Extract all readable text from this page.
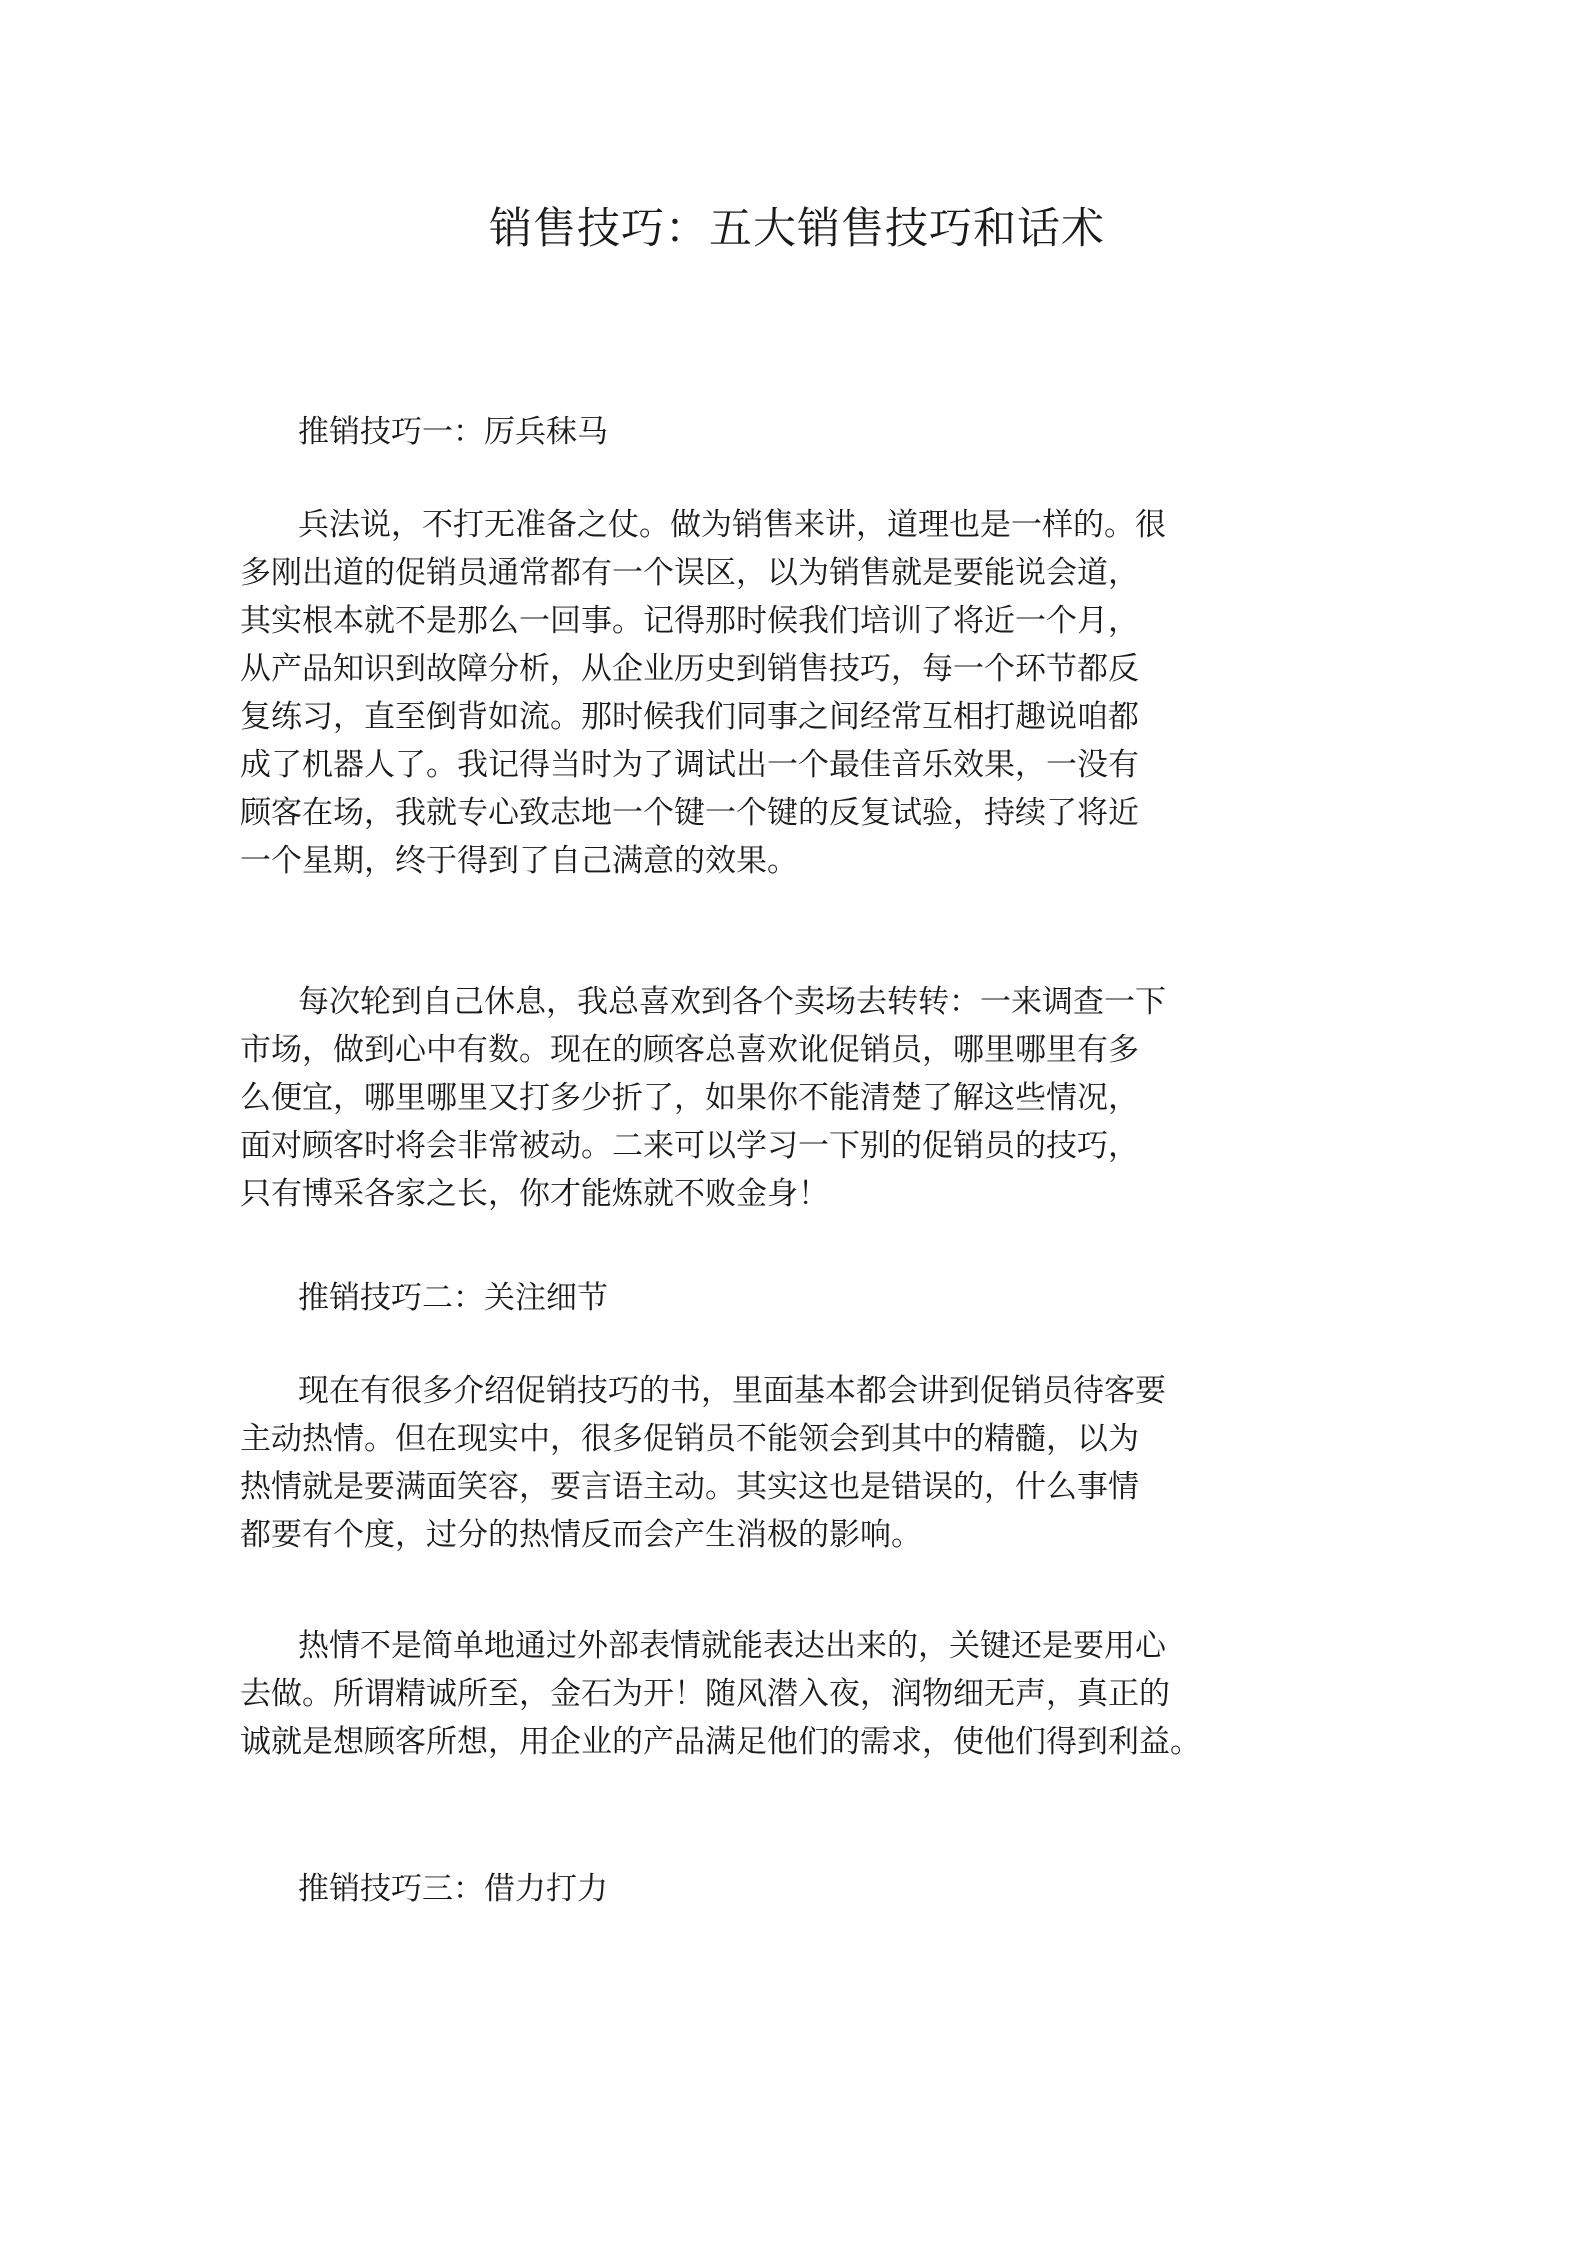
销售技巧：五大销售技巧和话术
推销技巧一：厉兵秣马
兵法说，不打无准备之仗。做为销售来讲，道理也是一样的。很
多刚出道的促销员通常都有一个误区，以为销售就是要能说会道，
其实根本就不是那么一回事。记得那时候我们培训了将近一个月，
从产品知识到故障分析，从企业历史到销售技巧，每一个环节都反
复练习，直至倒背如流。那时候我们同事之间经常互相打趣说咱都
成了机器人了。我记得当时为了调试出一个最佳音乐效果，一没有
顾客在场，我就专心致志地一个键一个键的反复试验，持续了将近
一个星期，终于得到了自己满意的效果。
每次轮到自己休息，我总喜欢到各个卖场去转转：一来调查一下
市场，做到心中有数。现在的顾客总喜欢讹促销员，哪里哪里有多
么便宜，哪里哪里又打多少折了，如果你不能清楚了解这些情况，
面对顾客时将会非常被动。二来可以学习一下别的促销员的技巧，
只有博采各家之长，你才能炼就不败金身！
推销技巧二：关注细节
现在有很多介绍促销技巧的书，里面基本都会讲到促销员待客要
主动热情。但在现实中，很多促销员不能领会到其中的精髓，以为
热情就是要满面笑容，要言语主动。其实这也是错误的，什么事情
都要有个度，过分的热情反而会产生消极的影响。
热情不是简单地通过外部表情就能表达出来的，关键还是要用心
去做。所谓精诚所至，金石为开！随风潜入夜，润物细无声，真正的
诚就是想顾客所想，用企业的产品满足他们的需求，使他们得到利益。
推销技巧三：借力打力
